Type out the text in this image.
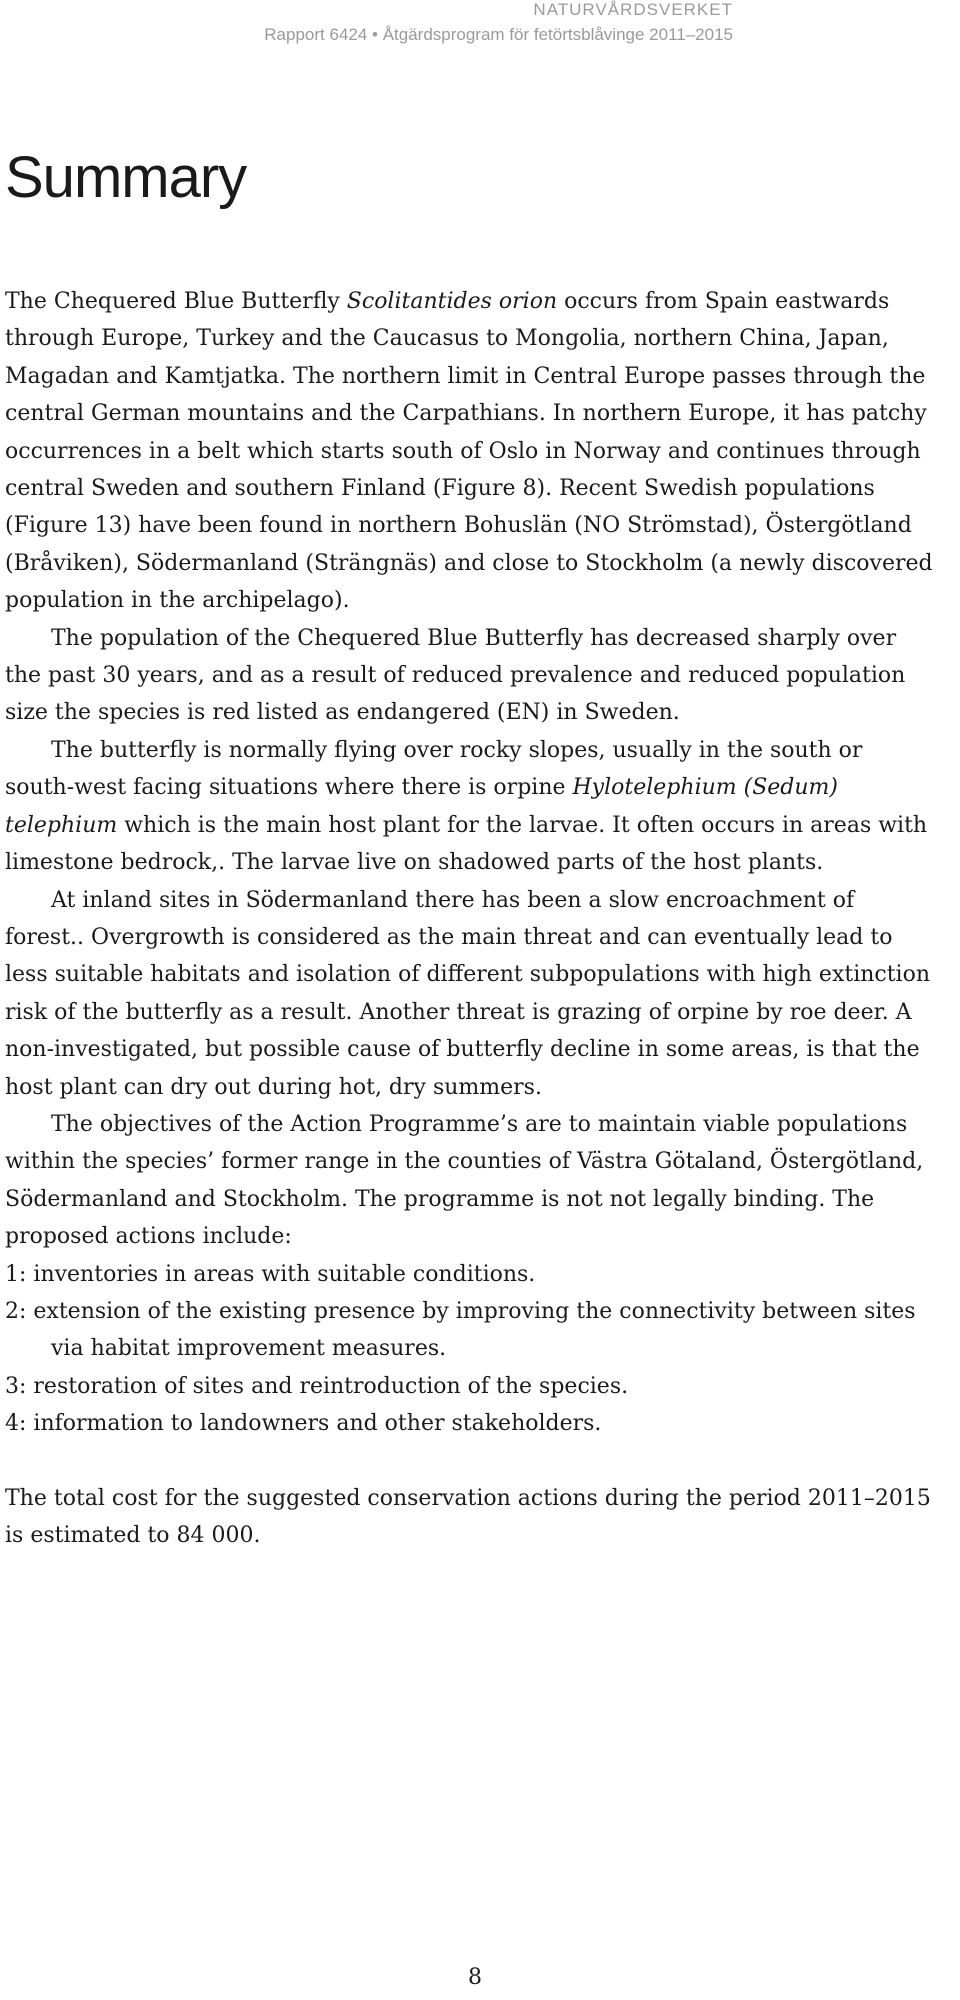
NATURVÅRDSVERKET
Rapport 6424 • Åtgärdsprogram för fetörtsblåvinge 2011–2015
Summary

The Chequered Blue Butterfly Scolitantides orion occurs from Spain eastwards through Europe, Turkey and the Caucasus to Mongolia, northern China, Japan, Magadan and Kamtjatka. The northern limit in Central Europe passes through the central German mountains and the Carpathians. In northern Europe, it has patchy occurrences in a belt which starts south of Oslo in Norway and continues through central Sweden and southern Finland (Figure 8). Recent Swedish populations (Figure 13) have been found in northern Bohuslän (NO Strömstad), Östergötland (Bråviken), Södermanland (Strängnäs) and close to Stockholm (a newly discovered population in the archipelago).

The population of the Chequered Blue Butterfly has decreased sharply over the past 30 years, and as a result of reduced prevalence and reduced population size the species is red listed as endangered (EN) in Sweden.

The butterfly is normally flying over rocky slopes, usually in the south or south-west facing situations where there is orpine Hylotelephium (Sedum) telephium which is the main host plant for the larvae. It often occurs in areas with limestone bedrock,. The larvae live on shadowed parts of the host plants.

At inland sites in Södermanland there has been a slow encroachment of forest.. Overgrowth is considered as the main threat and can eventually lead to less suitable habitats and isolation of different subpopulations with high extinction risk of the butterfly as a result. Another threat is grazing of orpine by roe deer. A non-investigated, but possible cause of butterfly decline in some areas, is that the host plant can dry out during hot, dry summers.

The objectives of the Action Programme’s are to maintain viable populations within the species’ former range in the counties of Västra Götaland, Östergötland, Södermanland and Stockholm. The programme is not not legally binding. The proposed actions include:

1: inventories in areas with suitable conditions.

2: extension of the existing presence by improving the connectivity between sites via habitat improvement measures.

3: restoration of sites and reintroduction of the species.

4: information to landowners and other stakeholders.

The total cost for the suggested conservation actions during the period 2011–2015 is estimated to 84 000.

8
